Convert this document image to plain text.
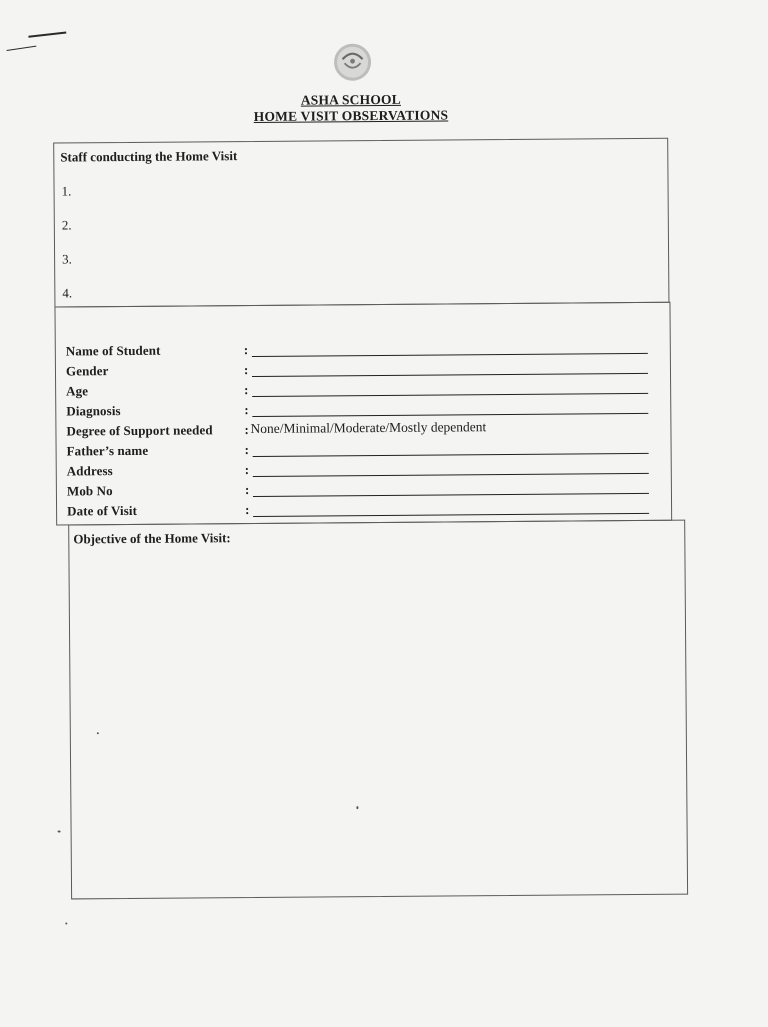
ASHA SCHOOL
HOME VISIT OBSERVATIONS
Staff conducting the Home Visit
1.
2.
3.
4.
Name of Student	:
Gender	:
Age	:
Diagnosis	:
Degree of Support needed : None/Minimal/Moderate/Mostly dependent
Father’s name	:
Address	:
Mob No	:
Date of Visit	:
Objective of the Home Visit:
